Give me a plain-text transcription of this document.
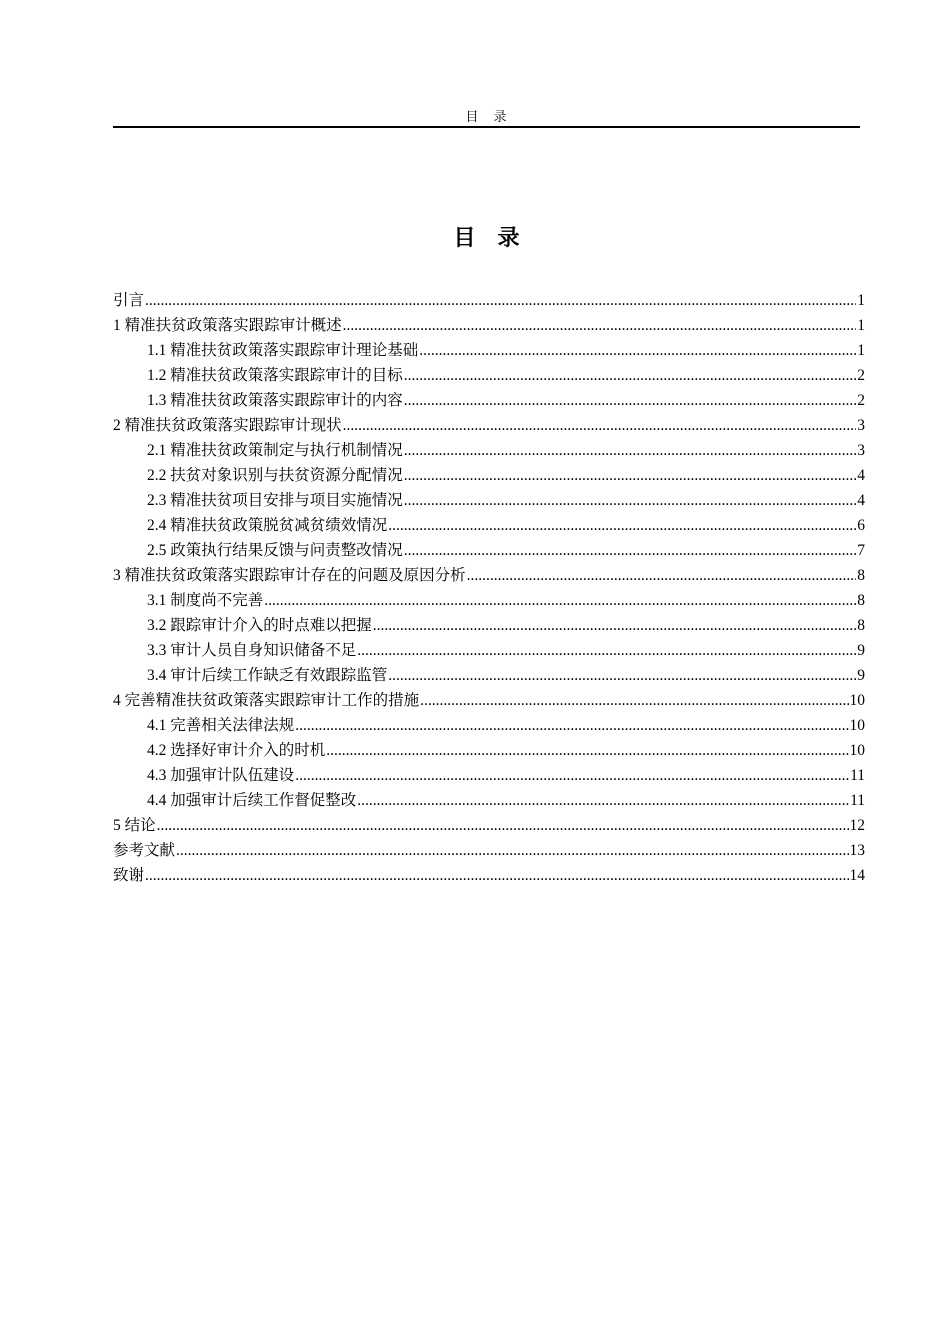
目　录
目　录
引言 .....	1
1 精准扶贫政策落实跟踪审计概述 .....	1
1.1 精准扶贫政策落实跟踪审计理论基础 .....	1
1.2 精准扶贫政策落实跟踪审计的目标 .....	2
1.3 精准扶贫政策落实跟踪审计的内容 .....	2
2 精准扶贫政策落实跟踪审计现状 .....	3
2.1 精准扶贫政策制定与执行机制情况 .....	3
2.2 扶贫对象识别与扶贫资源分配情况 .....	4
2.3 精准扶贫项目安排与项目实施情况 .....	4
2.4 精准扶贫政策脱贫减贫绩效情况 .....	6
2.5 政策执行结果反馈与问责整改情况 .....	7
3 精准扶贫政策落实跟踪审计存在的问题及原因分析 .....	8
3.1 制度尚不完善 .....	8
3.2 跟踪审计介入的时点难以把握 .....	8
3.3 审计人员自身知识储备不足 .....	9
3.4 审计后续工作缺乏有效跟踪监管 .....	9
4 完善精准扶贫政策落实跟踪审计工作的措施 .....	10
4.1 完善相关法律法规 .....	10
4.2 选择好审计介入的时机 .....	10
4.3 加强审计队伍建设 .....	11
4.4 加强审计后续工作督促整改 .....	11
5 结论 .....	12
参考文献 .....	13
致谢 .....	14
